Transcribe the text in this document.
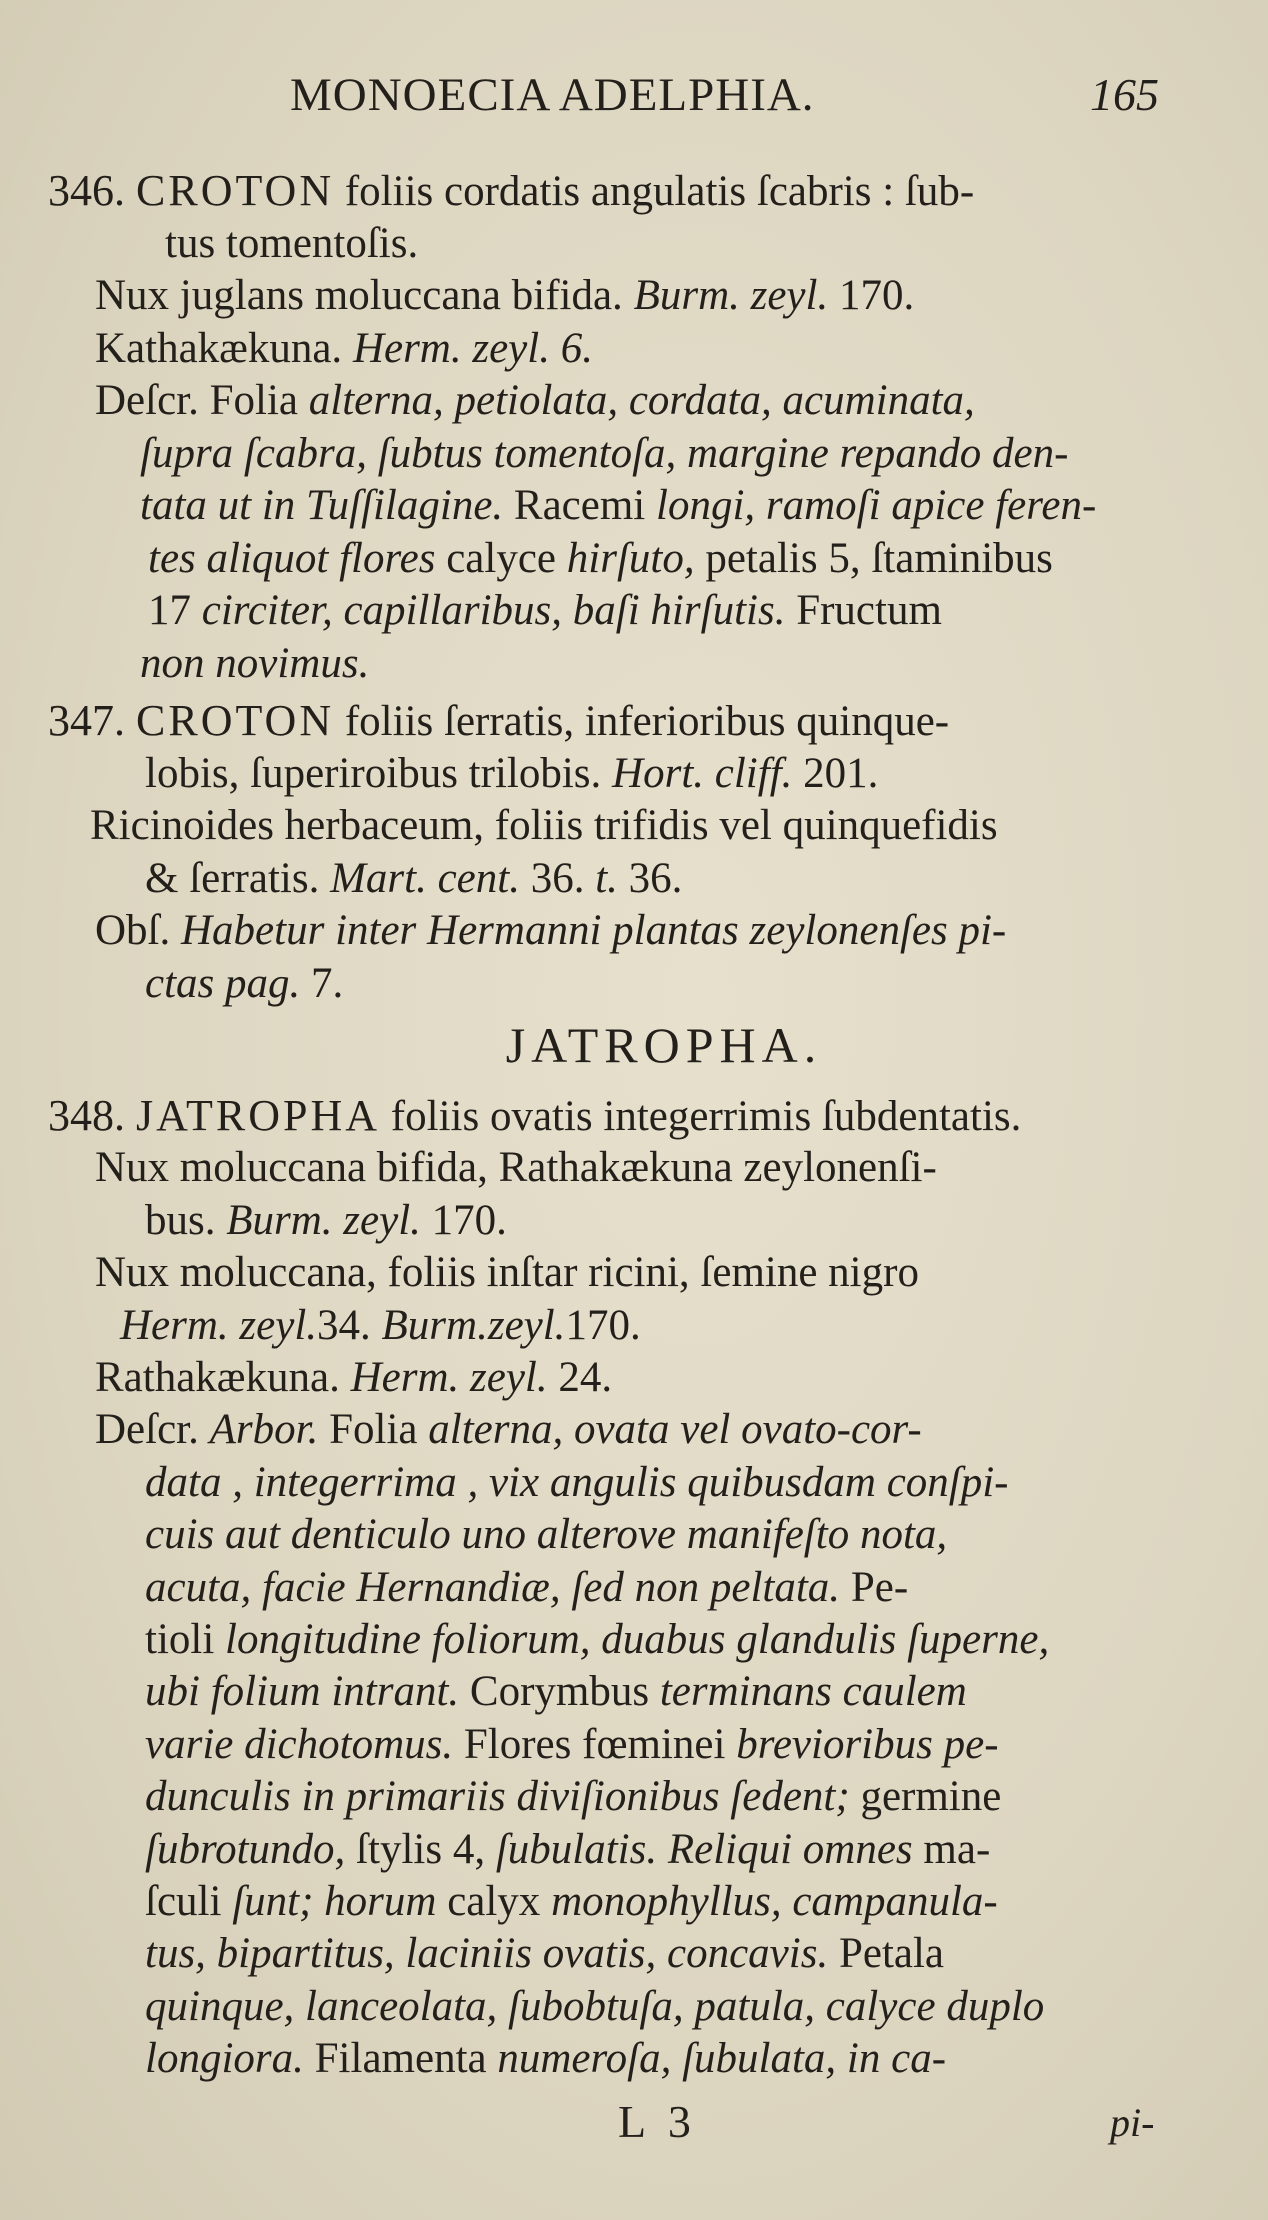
MONOECIA ADELPHIA.	165
346. CROTON foliis cordatis angulatis ſcabris : ſub-
tus tomentoſis.
Nux juglans moluccana bifida. Burm. zeyl. 170.
Kathakækuna. Herm. zeyl. 6.
Deſcr. Folia alterna, petiolata, cordata, acuminata,
ſupra ſcabra, ſubtus tomentoſa, margine repando den-
tata ut in Tuſſilagine. Racemi longi, ramoſi apice feren-
tes aliquot flores calyce hirſuto, petalis 5, ſtaminibus
17 circiter, capillaribus, baſi hirſutis. Fructum
non novimus.
347. CROTON foliis ſerratis, inferioribus quinque-
lobis, ſuperiroibus trilobis. Hort. cliff. 201.
Ricinoides herbaceum, foliis trifidis vel quinquefidis
& ſerratis. Mart. cent. 36. t. 36.
Obſ. Habetur inter Hermanni plantas zeylonenſes pi-
ctas pag. 7.
JATROPHA.
348. JATROPHA foliis ovatis integerrimis ſubdentatis.
Nux moluccana bifida, Rathakækuna zeylonenſi-
bus. Burm. zeyl. 170.
Nux moluccana, foliis inſtar ricini, ſemine nigro
Herm. zeyl.34. Burm.zeyl.170.
Rathakækuna. Herm. zeyl. 24.
Deſcr. Arbor. Folia alterna, ovata vel ovato-cor-
data , integerrima , vix angulis quibusdam conſpi-
cuis aut denticulo uno alterove manifeſto nota,
acuta, facie Hernandiæ, ſed non peltata. Pe-
tioli longitudine foliorum, duabus glandulis ſuperne,
ubi folium intrant. Corymbus terminans caulem
varie dichotomus. Flores fœminei brevioribus pe-
dunculis in primariis diviſionibus ſedent; germine
ſubrotundo, ſtylis 4, ſubulatis. Reliqui omnes ma-
ſculi ſunt; horum calyx monophyllus, campanula-
tus, bipartitus, laciniis ovatis, concavis. Petala
quinque, lanceolata, ſubobtuſa, patula, calyce duplo
longiora. Filamenta numeroſa, ſubulata, in ca-
L 3	pi-
